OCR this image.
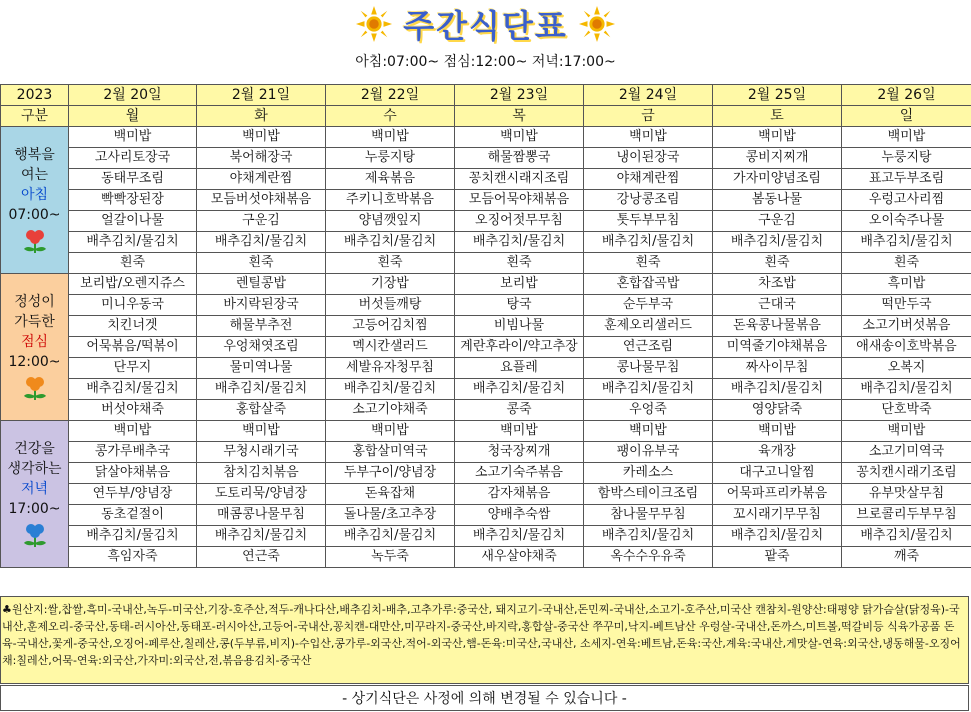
주간식단표
아침:07:00~ 점심:12:00~ 저녁:17:00~
2023	2월 20일	2월 21일	2월 22일	2월 23일	2월 24일	2월 25일	2월 26일
구분	월	화	수	목	금	토	일

행복을
여는
아침
07:00~	백미밥	백미밥	백미밥	백미밥	백미밥	백미밥	백미밥
	고사리토장국	북어해장국	누룽지탕	해물짬뽕국	냉이된장국	콩비지찌개	누룽지탕
	동태무조림	야채계란찜	제육볶음	꽁치캔시래지조림	야채계란찜	가자미양념조림	표고두부조림
	빡빡장된장	모듬버섯야채볶음	주키니호박볶음	모듬어묵야채볶음	강낭콩조림	봄동나물	우렁고사리찜
	얼갈이나물	구운김	양념깻잎지	오징어젓무무침	톳두부무침	구운김	오이숙주나물
	배추김치/물김치	배추김치/물김치	배추김치/물김치	배추김치/물김치	배추김치/물김치	배추김치/물김치	배추김치/물김치
	흰죽	흰죽	흰죽	흰죽	흰죽	흰죽	흰죽

정성이
가득한
점심
12:00~	보리밥/오렌지쥬스	렌틸콩밥	기장밥	보리밥	혼합잡곡밥	차조밥	흑미밥
	미니우동국	바지락된장국	버섯들깨탕	탕국	순두부국	근대국	떡만두국
	치킨너겟	해물부추전	고등어김치찜	비빔나물	훈제오리샐러드	돈육콩나물볶음	소고기버섯볶음
	어묵볶음/떡볶이	우엉채엿조림	멕시칸샐러드	계란후라이/약고추장	연근조림	미역줄기야채볶음	애새송이호박볶음
	단무지	물미역나물	세발유자청무침	요플레	콩나물무침	짜사이무침	오복지
	배추김치/물김치	배추김치/물김치	배추김치/물김치	배추김치/물김치	배추김치/물김치	배추김치/물김치	배추김치/물김치
	버섯야채죽	홍합살죽	소고기야채죽	콩죽	우엉죽	영양닭죽	단호박죽

건강을
생각하는
저녁
17:00~	백미밥	백미밥	백미밥	백미밥	백미밥	백미밥	백미밥
	콩가루배추국	무청시래기국	홍합살미역국	청국장찌개	팽이유부국	육개장	소고기미역국
	닭살야채볶음	참치김치볶음	두부구이/양념장	소고기숙주볶음	카레소스	대구고니알찜	꽁치캔시래기조림
	연두부/양념장	도토리묵/양념장	돈육잡채	감자채볶음	함박스테이크조림	어묵파프리카볶음	유부맛살무침
	동초겉절이	매콤콩나물무침	돌나물/초고추장	양배추숙쌈	참나물무무침	꼬시래기무무침	브로콜리두부무침
	배추김치/물김치	배추김치/물김치	배추김치/물김치	배추김치/물김치	배추김치/물김치	배추김치/물김치	배추김치/물김치
	흑임자죽	연근죽	녹두죽	새우살야채죽	옥수수우유죽	팥죽	깨죽
♣원산지:쌀,찹쌀,흑미-국내산,녹두-미국산,기장-호주산,적두-캐나다산,배추김치-배추,고추가루:중국산, 돼지고기-국내산,돈민찌-국내산,소고기-호주산,미국산 캔참치-원양산:태평양 닭가슴살(닭정육)-국내산,훈제오리-중국산,동태-러시아산,동태포-러시아산,고등어-국내산,꽁치캔-대만산,미꾸라지-중국산,바지락,홍합살-중국산 쭈꾸미,낙지-베트남산 우렁살-국내산,돈까스,미트볼,떡갈비등 식육가공품 돈육-국내산,꽃게-중국산,오징어-페루산,칠레산,콩(두부류,비지)-수입산,콩가루-외국산,적어-외국산,햄-돈육:미국산,국내산, 소세지-연육:베트남,돈육:국산,계육:국내산,게맛살-연육:외국산,냉동해물-오징어채:칠레산,어묵-연육:외국산,가자미:외국산,전,볶음용김치-중국산
- 상기식단은 사정에 의해 변경될 수 있습니다 -
